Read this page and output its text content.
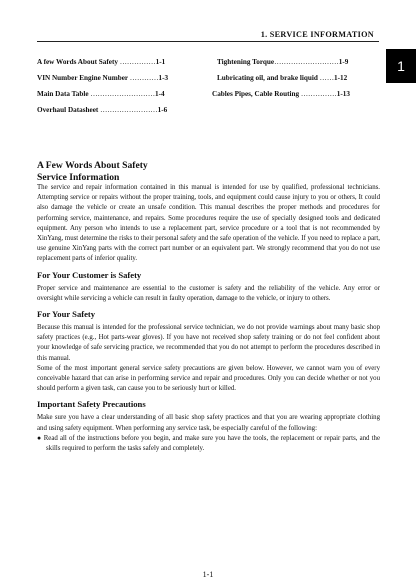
1. SERVICE INFORMATION
1
A few Words About Safety ……………1-1
VIN Number Engine Number …………1-3
Main Data Table ………………………1-4
Overhaul Datasheet ……………………1-6
Tightening Torque………………………1-9
Lubricating oil, and brake liquid ……1-12
Cables Pipes, Cable Routing ……………1-13
A Few Words About Safety
Service Information

The service and repair information contained in this manual is intended for use by qualified, professional technicians. Attempting service or repairs without the proper training, tools, and equipment could cause injury to you or others, It could also damage the vehicle or create an unsafe condition. This manual describes the proper methods and procedures for performing service, maintenance, and repairs. Some procedures require the use of specially designed tools and dedicated equipment. Any person who intends to use a replacement part, service procedure or a tool that is not recommended by XinYang, must determine the risks to their personal safety and the safe operation of the vehicle. If you need to replace a part, use genuine XinYang parts with the correct part number or an equivalent part. We strongly recommend that you do not use replacement parts of inferior quality.

For Your Customer is Safety

Proper service and maintenance are essential to the customer is safety and the reliability of the vehicle. Any error or oversight while servicing a vehicle can result in faulty operation, damage to the vehicle, or injury to others.

For Your Safety

Because this manual is intended for the professional service technician, we do not provide warnings about many basic shop safety practices (e.g., Hot parts-wear gloves). If you have not received shop safety training or do not feel confident about your knowledge of safe servicing practice, we recommended that you do not attempt to perform the procedures described in this manual.

Some of the most important general service safety precautions are given below. However, we cannot warn you of every conceivable hazard that can arise in performing service and repair and procedures. Only you can decide whether or not you should perform a given task, can cause you to be seriously hurt or killed.

Important Safety Precautions

Make sure you have a clear understanding of all basic shop safety practices and that you are wearing appropriate clothing and using safety equipment. When performing any service task, be especially careful of the following:

● Read all of the instructions before you begin, and make sure you have the tools, the replacement or repair parts, and the skills required to perform the tasks safely and completely.
1-1
